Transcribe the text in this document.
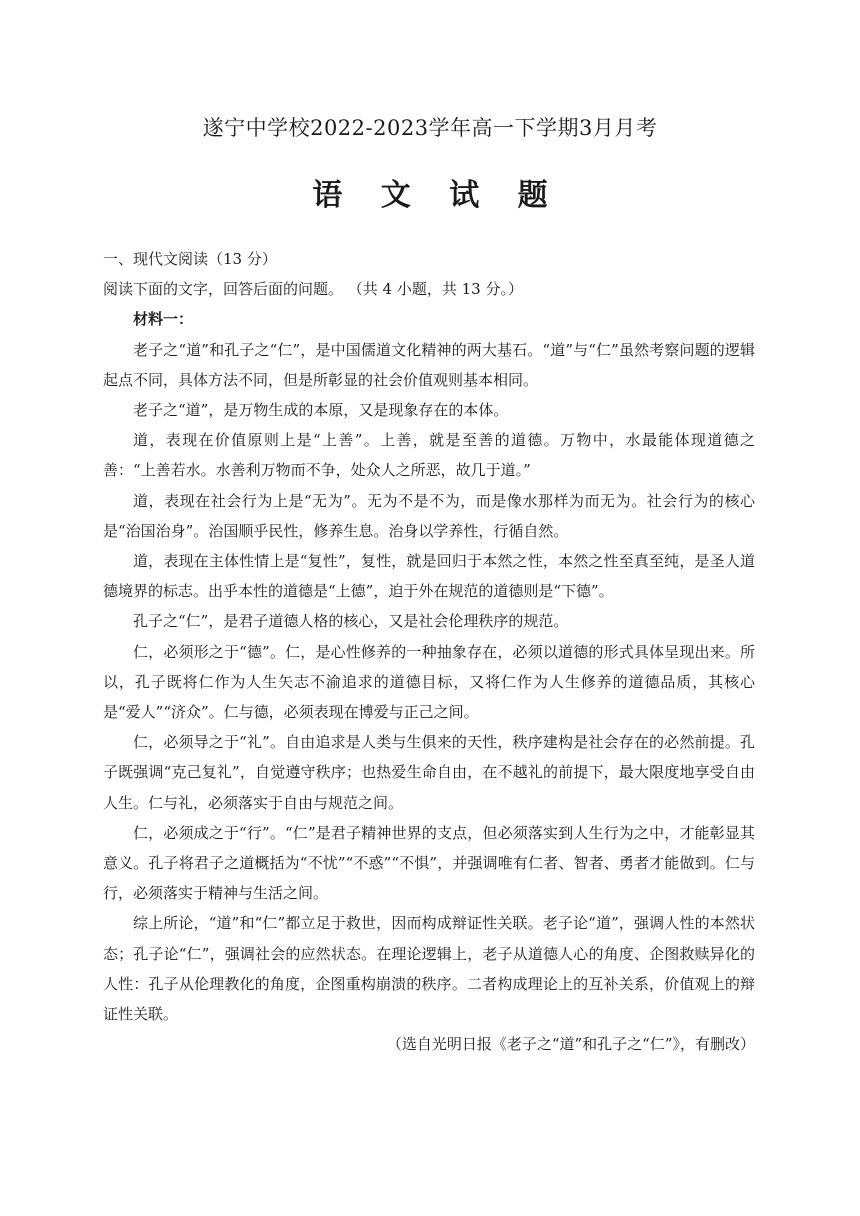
遂宁中学校2022-2023学年高一下学期3月月考
语 文 试 题

一、现代文阅读（13 分）

阅读下面的文字，回答后面的问题。 （共 4 小题，共 13 分。）

材料一：

老子之“道”和孔子之“仁”，是中国儒道文化精神的两大基石。“道”与“仁”虽然考察问题的逻辑起点不同，具体方法不同，但是所彰显的社会价值观则基本相同。

老子之“道”，是万物生成的本原，又是现象存在的本体。

道，表现在价值原则上是“上善”。上善，就是至善的道德。万物中，水最能体现道德之善：“上善若水。水善利万物而不争，处众人之所恶，故几于道。”

道，表现在社会行为上是“无为”。无为不是不为，而是像水那样为而无为。社会行为的核心是“治国治身”。治国顺乎民性，修养生息。治身以学养性，行循自然。

道，表现在主体性情上是“复性”，复性，就是回归于本然之性，本然之性至真至纯，是圣人道德境界的标志。出乎本性的道德是“上德”，迫于外在规范的道德则是“下德”。

孔子之“仁”，是君子道德人格的核心，又是社会伦理秩序的规范。

仁，必须形之于“德”。仁，是心性修养的一种抽象存在，必须以道德的形式具体呈现出来。所以，孔子既将仁作为人生矢志不渝追求的道德目标，又将仁作为人生修养的道德品质，其核心是“爱人”“济众”。仁与德，必须表现在博爱与正己之间。

仁，必须导之于“礼”。自由追求是人类与生俱来的天性，秩序建构是社会存在的必然前提。孔子既强调“克己复礼”，自觉遵守秩序；也热爱生命自由，在不越礼的前提下，最大限度地享受自由人生。仁与礼，必须落实于自由与规范之间。

仁，必须成之于“行”。“仁”是君子精神世界的支点，但必须落实到人生行为之中，才能彰显其意义。孔子将君子之道概括为“不忧”“不惑”“不惧”，并强调唯有仁者、智者、勇者才能做到。仁与行，必须落实于精神与生活之间。

综上所论，“道”和“仁”都立足于救世，因而构成辩证性关联。老子论“道”，强调人性的本然状态；孔子论“仁”，强调社会的应然状态。在理论逻辑上，老子从道德人心的角度、企图救赎异化的人性：孔子从伦理教化的角度，企图重构崩溃的秩序。二者构成理论上的互补关系，价值观上的辩证性关联。

（选自光明日报《老子之“道”和孔子之“仁”》，有删改）
